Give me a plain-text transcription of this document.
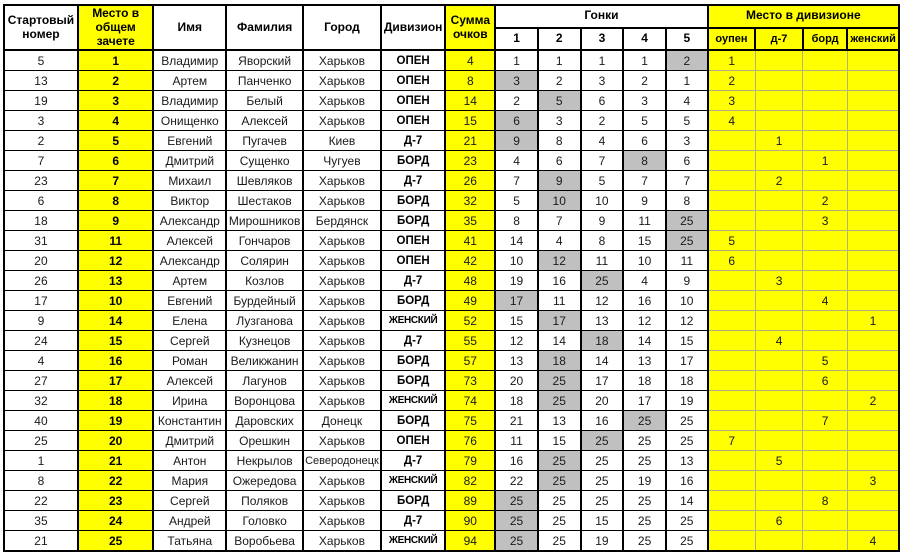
Стартовый номер	Место в общем зачете	Имя	Фамилия	Город	Дивизион	Сумма очков	Гонки					Место в дивизионе			
							1	2	3	4	5	оупен	д-7	борд	женский
5	1	Владимир	Яворский	Харьков	ОПЕН	4	1	1	1	1	2	1			
13	2	Артем	Панченко	Харьков	ОПЕН	8	3	2	3	2	1	2			
19	3	Владимир	Белый	Харьков	ОПЕН	14	2	5	6	3	4	3			
3	4	Онищенко	Алексей	Харьков	ОПЕН	15	6	3	2	5	5	4			
2	5	Евгений	Пугачев	Киев	Д-7	21	9	8	4	6	3		1		
7	6	Дмитрий	Сущенко	Чугуев	БОРД	23	4	6	7	8	6			1	
23	7	Михаил	Шевляков	Харьков	Д-7	26	7	9	5	7	7		2		
6	8	Виктор	Шестаков	Харьков	БОРД	32	5	10	10	9	8			2	
18	9	Александр	Мирошников	Бердянск	БОРД	35	8	7	9	11	25			3	
31	11	Алексей	Гончаров	Харьков	ОПЕН	41	14	4	8	15	25	5			
20	12	Александр	Солярин	Харьков	ОПЕН	42	10	12	11	10	11	6			
26	13	Артем	Козлов	Харьков	Д-7	48	19	16	25	4	9		3		
17	10	Евгений	Бурдейный	Харьков	БОРД	49	17	11	12	16	10			4	
9	14	Елена	Лузганова	Харьков	ЖЕНСКИЙ	52	15	17	13	12	12				1
24	15	Сергей	Кузнецов	Харьков	Д-7	55	12	14	18	14	15		4		
4	16	Роман	Великжанин	Харьков	БОРД	57	13	18	14	13	17			5	
27	17	Алексей	Лагунов	Харьков	БОРД	73	20	25	17	18	18			6	
32	18	Ирина	Воронцова	Харьков	ЖЕНСКИЙ	74	18	25	20	17	19				2
40	19	Константин	Даровских	Донецк	БОРД	75	21	13	16	25	25			7	
25	20	Дмитрий	Орешкин	Харьков	ОПЕН	76	11	15	25	25	25	7			
1	21	Антон	Некрылов	Северодонецк	Д-7	79	16	25	25	25	13		5		
8	22	Мария	Ожередова	Харьков	ЖЕНСКИЙ	82	22	25	25	19	16				3
22	23	Сергей	Поляков	Харьков	БОРД	89	25	25	25	25	14			8	
35	24	Андрей	Головко	Харьков	Д-7	90	25	25	15	25	25		6		
21	25	Татьяна	Воробьева	Харьков	ЖЕНСКИЙ	94	25	25	19	25	25				4
